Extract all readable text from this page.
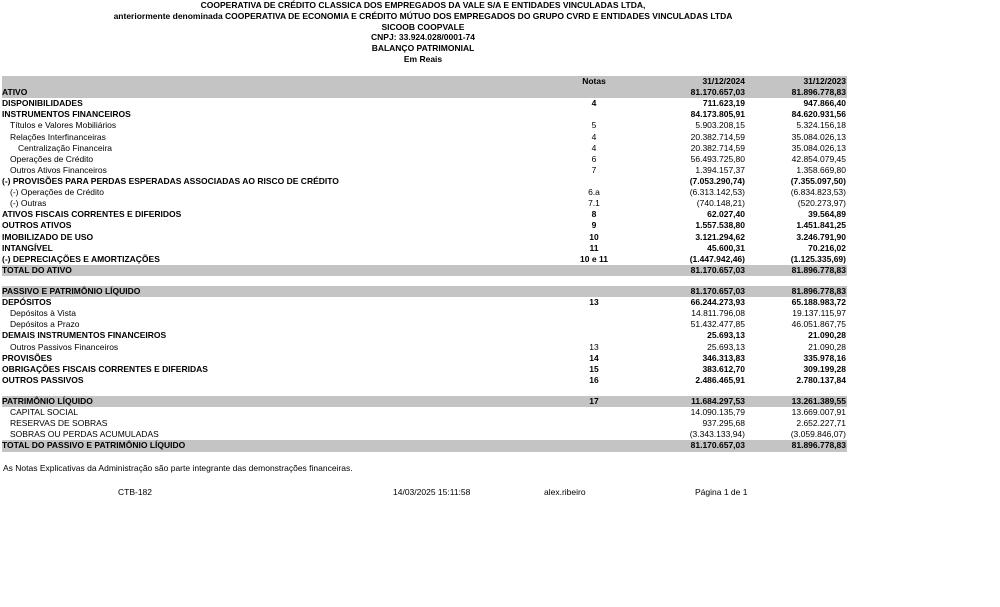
COOPERATIVA DE CRÉDITO CLASSICA DOS EMPREGADOS DA VALE S/A E ENTIDADES VINCULADAS LTDA,
anteriormente denominada COOPERATIVA DE ECONOMIA E CRÉDITO MÚTUO DOS EMPREGADOS DO GRUPO CVRD E ENTIDADES VINCULADAS LTDA
SICOOB COOPVALE
CNPJ: 33.924.028/0001-74
BALANÇO PATRIMONIAL
Em Reais
	Notas	31/12/2024	31/12/2023
ATIVO		81.170.657,03	81.896.778,83
DISPONIBILIDADES	4	711.623,19	947.866,40
INSTRUMENTOS FINANCEIROS		84.173.805,91	84.620.931,56
Títulos e Valores Mobiliários	5	5.903.208,15	5.324.156,18
Relações Interfinanceiras	4	20.382.714,59	35.084.026,13
Centralização Financeira	4	20.382.714,59	35.084.026,13
Operações de Crédito	6	56.493.725,80	42.854.079,45
Outros Ativos Financeiros	7	1.394.157,37	1.358.669,80
(-) PROVISÕES PARA PERDAS ESPERADAS ASSOCIADAS AO RISCO DE CRÉDITO		(7.053.290,74)	(7.355.097,50)
(-) Operações de Crédito	6.a	(6.313.142,53)	(6.834.823,53)
(-) Outras	7.1	(740.148,21)	(520.273,97)
ATIVOS FISCAIS CORRENTES E DIFERIDOS	8	62.027,40	39.564,89
OUTROS ATIVOS	9	1.557.538,80	1.451.841,25
IMOBILIZADO DE USO	10	3.121.294,62	3.246.791,90
INTANGÍVEL	11	45.600,31	70.216,02
(-) DEPRECIAÇÕES E AMORTIZAÇÕES	10 e 11	(1.447.942,46)	(1.125.335,69)
TOTAL DO ATIVO		81.170.657,03	81.896.778,83

PASSIVO E PATRIMÔNIO LÍQUIDO		81.170.657,03	81.896.778,83
DEPÓSITOS	13	66.244.273,93	65.188.983,72
Depósitos à Vista		14.811.796,08	19.137.115,97
Depósitos a Prazo		51.432.477,85	46.051.867,75
DEMAIS INSTRUMENTOS FINANCEIROS		25.693,13	21.090,28
Outros Passivos Financeiros	13	25.693,13	21.090,28
PROVISÕES	14	346.313,83	335.978,16
OBRIGAÇÕES FISCAIS CORRENTES E DIFERIDAS	15	383.612,70	309.199,28
OUTROS PASSIVOS	16	2.486.465,91	2.780.137,84

PATRIMÔNIO LÍQUIDO	17	11.684.297,53	13.261.389,55
CAPITAL SOCIAL		14.090.135,79	13.669.007,91
RESERVAS DE SOBRAS		937.295,68	2.652.227,71
SOBRAS OU PERDAS ACUMULADAS		(3.343.133,94)	(3.059.846,07)
TOTAL DO PASSIVO E PATRIMÔNIO LÍQUIDO		81.170.657,03	81.896.778,83
As Notas Explicativas da Administração são parte integrante das demonstrações financeiras.
CTB-182	14/03/2025 15:11:58	alex.ribeiro	Página 1 de 1
